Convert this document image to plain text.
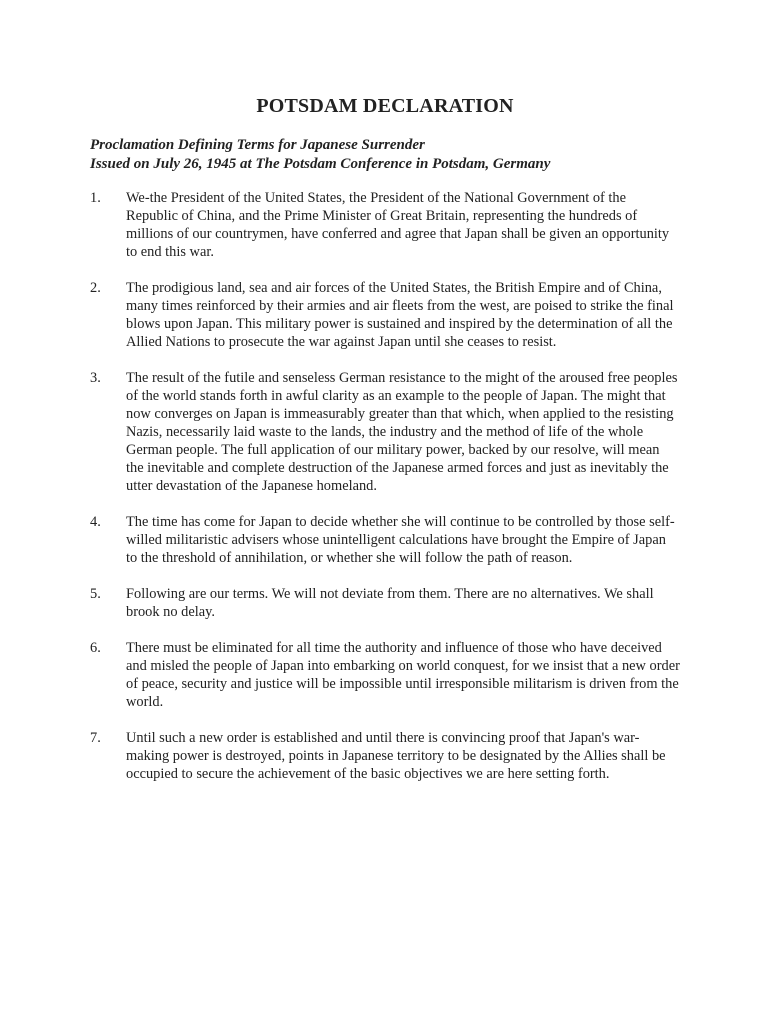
POTSDAM DECLARATION

Proclamation Defining Terms for Japanese Surrender

Issued on July 26, 1945 at The Potsdam Conference in Potsdam, Germany

1.	We-the President of the United States, the President of the National Government of the Republic of China, and the Prime Minister of Great Britain, representing the hundreds of millions of our countrymen, have conferred and agree that Japan shall be given an opportunity to end this war.
2.	The prodigious land, sea and air forces of the United States, the British Empire and of China, many times reinforced by their armies and air fleets from the west, are poised to strike the final blows upon Japan. This military power is sustained and inspired by the determination of all the Allied Nations to prosecute the war against Japan until she ceases to resist.
3.	The result of the futile and senseless German resistance to the might of the aroused free peoples of the world stands forth in awful clarity as an example to the people of Japan. The might that now converges on Japan is immeasurably greater than that which, when applied to the resisting Nazis, necessarily laid waste to the lands, the industry and the method of life of the whole German people. The full application of our military power, backed by our resolve, will mean the inevitable and complete destruction of the Japanese armed forces and just as inevitably the utter devastation of the Japanese homeland.
4.	The time has come for Japan to decide whether she will continue to be controlled by those self-willed militaristic advisers whose unintelligent calculations have brought the Empire of Japan to the threshold of annihilation, or whether she will follow the path of reason.
5.	Following are our terms. We will not deviate from them. There are no alternatives. We shall brook no delay.
6.	There must be eliminated for all time the authority and influence of those who have deceived and misled the people of Japan into embarking on world conquest, for we insist that a new order of peace, security and justice will be impossible until irresponsible militarism is driven from the world.
7.	Until such a new order is established and until there is convincing proof that Japan's war-making power is destroyed, points in Japanese territory to be designated by the Allies shall be occupied to secure the achievement of the basic objectives we are here setting forth.
